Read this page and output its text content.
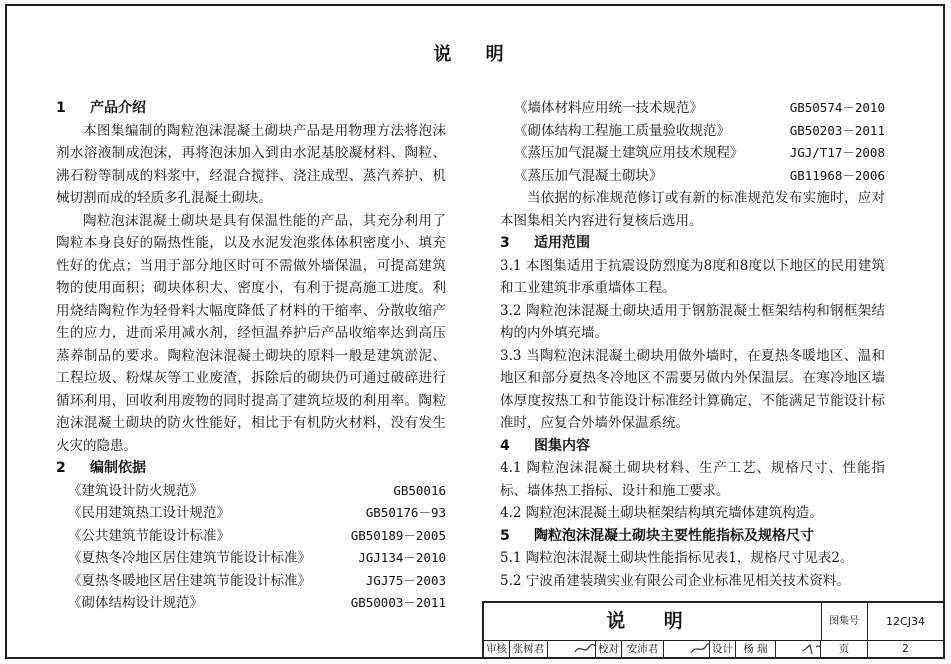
说 明

1 产品介绍

本图集编制的陶粒泡沫混凝土砌块产品是用物理方法将泡沫剂水溶液制成泡沫，再将泡沫加入到由水泥基胶凝材料、陶粒、沸石粉等制成的料浆中，经混合搅拌、浇注成型、蒸汽养护、机械切割而成的轻质多孔混凝土砌块。

陶粒泡沫混凝土砌块是具有保温性能的产品，其充分利用了陶粒本身良好的隔热性能，以及水泥发泡浆体体积密度小、填充性好的优点；当用于部分地区时可不需做外墙保温，可提高建筑物的使用面积；砌块体积大、密度小，有利于提高施工进度。利用烧结陶粒作为轻骨料大幅度降低了材料的干缩率、分散收缩产生的应力，进而采用减水剂，经恒温养护后产品收缩率达到高压蒸养制品的要求。陶粒泡沫混凝土砌块的原料一般是建筑淤泥、工程垃圾、粉煤灰等工业废渣，拆除后的砌块仍可通过破碎进行循环利用，回收利用废物的同时提高了建筑垃圾的利用率。陶粒泡沫混凝土砌块的防火性能好，相比于有机防火材料，没有发生火灾的隐患。

2 编制依据

《建筑设计防火规范》	GB50016

《民用建筑热工设计规范》	GB50176－93

《公共建筑节能设计标准》	GB50189－2005

《夏热冬冷地区居住建筑节能设计标准》	JGJ134－2010

《夏热冬暖地区居住建筑节能设计标准》	JGJ75－2003

《砌体结构设计规范》	GB50003－2011

《墙体材料应用统一技术规范》	GB50574－2010

《砌体结构工程施工质量验收规范》	GB50203－2011

《蒸压加气混凝土建筑应用技术规程》	JGJ/T17－2008

《蒸压加气混凝土砌块》	GB11968－2006

当依据的标准规范修订或有新的标准规范发布实施时，应对本图集相关内容进行复核后选用。

3 适用范围

3.1 本图集适用于抗震设防烈度为8度和8度以下地区的民用建筑和工业建筑非承重墙体工程。

3.2 陶粒泡沫混凝土砌块适用于钢筋混凝土框架结构和钢框架结构的内外填充墙。

3.3 当陶粒泡沫混凝土砌块用做外墙时，在夏热冬暖地区、温和地区和部分夏热冬冷地区不需要另做内外保温层。在寒冷地区墙体厚度按热工和节能设计标准经计算确定，不能满足节能设计标准时，应复合外墙外保温系统。

4 图集内容

4.1 陶粒泡沫混凝土砌块材料、生产工艺、规格尺寸、性能指标、墙体热工指标、设计和施工要求。

4.2 陶粒泡沫混凝土砌块框架结构填充墙体建筑构造。

5 陶粒泡沫混凝土砌块主要性能指标及规格尺寸

5.1 陶粒泡沫混凝土砌块性能指标见表1，规格尺寸见表2。

5.2 宁波甬建装璜实业有限公司企业标准见相关技术资料。

说 明	图集号	12CJ34
审核 张树君	校对 安沛君	设计 杨 瑞	页	2
